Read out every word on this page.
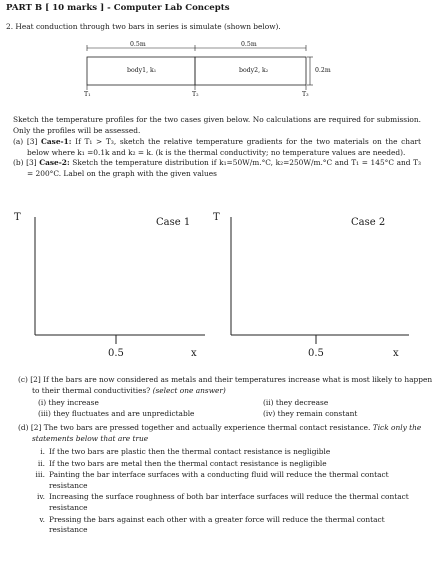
PART B [ 10 marks ] - Computer Lab Concepts
2. Heat conduction through two bars in series is simulate (shown below).
0.5m	0.5m
body1, k₁	body2, k₂	0.2m
T₁	T₂	T₃
Sketch the temperature profiles for the two cases given below. No calculations are required for submission. Only the profiles will be assessed.
(a) [3] Case-1: If T₁ > T₃, sketch the relative temperature gradients for the two materials on the chart below where k₁ =0.1k and k₂ = k. (k is the thermal conductivity; no temperature values are needed).
(b) [3] Case-2: Sketch the temperature distribution if k₁=50W/m.°C, k₂=250W/m.°C and T₁ = 145°C and T₃ = 200°C. Label on the graph with the given values
T	Case 1
0.5	x
T	Case 2
0.5	x
(c) [2] If the bars are now considered as metals and their temperatures increase what is most likely to happen to their thermal conductivities? (select one answer)
(i) they increase	(ii) they decrease
(iii) they fluctuates and are unpredictable	(iv) they remain constant
(d) [2] The two bars are pressed together and actually experience thermal contact resistance. Tick only the statements below that are true
i. If the two bars are plastic then the thermal contact resistance is negligible
ii. If the two bars are metal then the thermal contact resistance is negligible
iii. Painting the bar interface surfaces with a conducting fluid will reduce the thermal contact resistance
iv. Increasing the surface roughness of both bar interface surfaces will reduce the thermal contact resistance
v. Pressing the bars against each other with a greater force will reduce the thermal contact resistance
